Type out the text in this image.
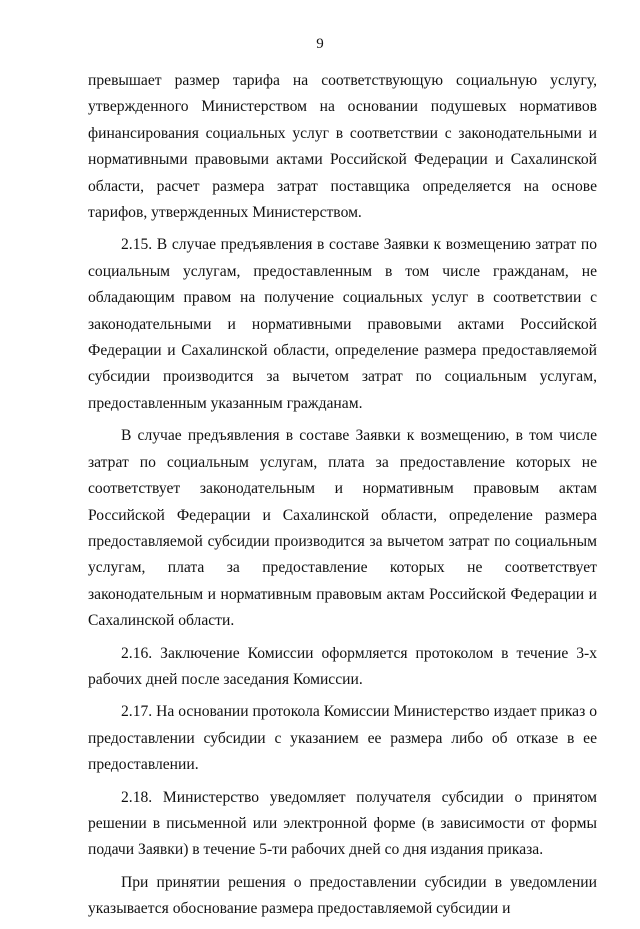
9

превышает размер тарифа на соответствующую социальную услугу, утвержденного Министерством на основании подушевых нормативов финансирования социальных услуг в соответствии с законодательными и нормативными правовыми актами Российской Федерации и Сахалинской области, расчет размера затрат поставщика определяется на основе тарифов, утвержденных Министерством.

2.15. В случае предъявления в составе Заявки к возмещению затрат по социальным услугам, предоставленным в том числе гражданам, не обладающим правом на получение социальных услуг в соответствии с законодательными и нормативными правовыми актами Российской Федерации и Сахалинской области, определение размера предоставляемой субсидии производится за вычетом затрат по социальным услугам, предоставленным указанным гражданам.

В случае предъявления в составе Заявки к возмещению, в том числе затрат по социальным услугам, плата за предоставление которых не соответствует законодательным и нормативным правовым актам Российской Федерации и Сахалинской области, определение размера предоставляемой субсидии производится за вычетом затрат по социальным услугам, плата за предоставление которых не соответствует законодательным и нормативным правовым актам Российской Федерации и Сахалинской области.

2.16. Заключение Комиссии оформляется протоколом в течение 3-х рабочих дней после заседания Комиссии.

2.17. На основании протокола Комиссии Министерство издает приказ о предоставлении субсидии с указанием ее размера либо об отказе в ее предоставлении.

2.18. Министерство уведомляет получателя субсидии о принятом решении в письменной или электронной форме (в зависимости от формы подачи Заявки) в течение 5-ти рабочих дней со дня издания приказа.

При принятии решения о предоставлении субсидии в уведомлении указывается обоснование размера предоставляемой субсидии и
